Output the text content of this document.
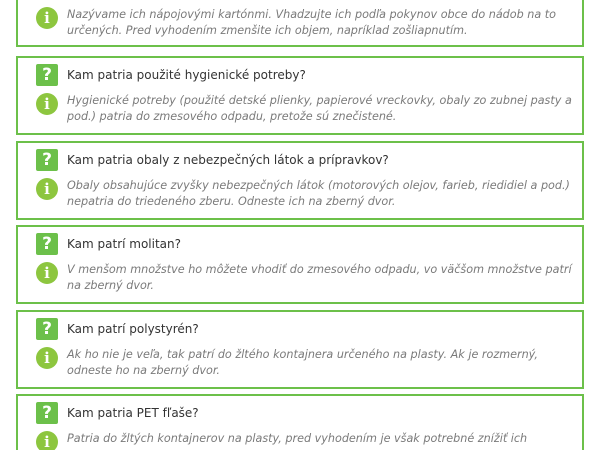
i	Nazývame ich nápojovými kartónmi. Vhadzujte ich podľa pokynov obce do nádob na to určených. Pred vyhodením zmenšite ich objem, napríklad zošliapnutím.

?	Kam patria použité hygienické potreby?
i	Hygienické potreby (použité detské plienky, papierové vreckovky, obaly zo zubnej pasty a pod.) patria do zmesového odpadu, pretože sú znečistené.

?	Kam patria obaly z nebezpečných látok a prípravkov?
i	Obaly obsahujúce zvyšky nebezpečných látok (motorových olejov, farieb, riedidiel a pod.) nepatria do triedeného zberu. Odneste ich na zberný dvor.

?	Kam patrí molitan?
i	V menšom množstve ho môžete vhodiť do zmesového odpadu, vo väčšom množstve patrí na zberný dvor.

?	Kam patrí polystyrén?
i	Ak ho nie je veľa, tak patrí do žltého kontajnera určeného na plasty. Ak je rozmerný, odneste ho na zberný dvor.

?	Kam patria PET fľaše?
i	Patria do žltých kontajnerov na plasty, pred vyhodením je však potrebné znížiť ich
